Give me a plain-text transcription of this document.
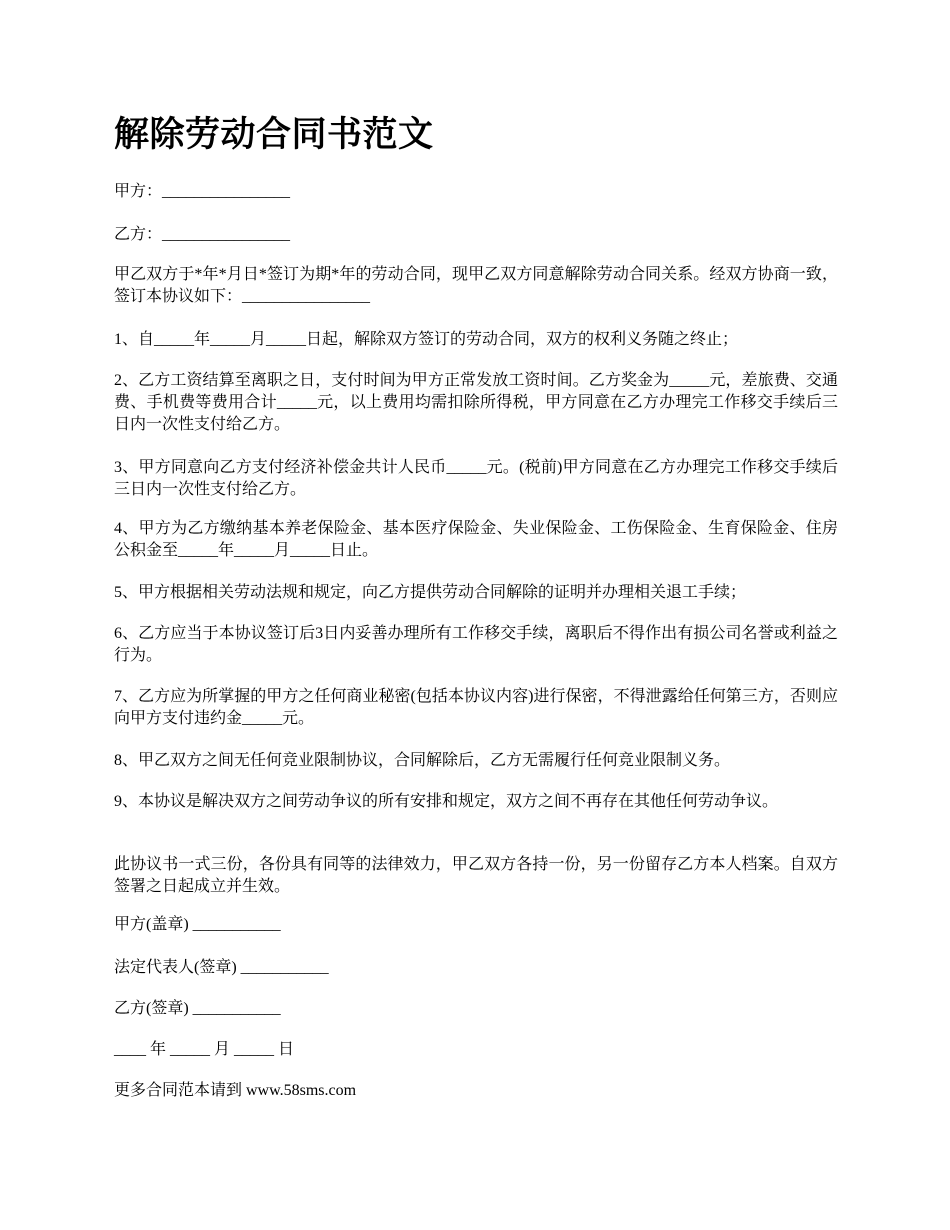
解除劳动合同书范文

甲方：________________

乙方：________________

甲乙双方于*年*月日*签订为期*年的劳动合同，现甲乙双方同意解除劳动合同关系。经双方协商一致，签订本协议如下：________________

1、自_____年_____月_____日起，解除双方签订的劳动合同，双方的权利义务随之终止；

2、乙方工资结算至离职之日，支付时间为甲方正常发放工资时间。乙方奖金为_____元，差旅费、交通费、手机费等费用合计_____元，以上费用均需扣除所得税，甲方同意在乙方办理完工作移交手续后三日内一次性支付给乙方。

3、甲方同意向乙方支付经济补偿金共计人民币_____元。(税前)甲方同意在乙方办理完工作移交手续后三日内一次性支付给乙方。

4、甲方为乙方缴纳基本养老保险金、基本医疗保险金、失业保险金、工伤保险金、生育保险金、住房公积金至_____年_____月_____日止。

5、甲方根据相关劳动法规和规定，向乙方提供劳动合同解除的证明并办理相关退工手续；

6、乙方应当于本协议签订后3日内妥善办理所有工作移交手续，离职后不得作出有损公司名誉或利益之行为。

7、乙方应为所掌握的甲方之任何商业秘密(包括本协议内容)进行保密，不得泄露给任何第三方，否则应向甲方支付违约金_____元。

8、甲乙双方之间无任何竞业限制协议，合同解除后，乙方无需履行任何竞业限制义务。

9、本协议是解决双方之间劳动争议的所有安排和规定，双方之间不再存在其他任何劳动争议。

此协议书一式三份，各份具有同等的法律效力，甲乙双方各持一份，另一份留存乙方本人档案。自双方签署之日起成立并生效。

甲方(盖章) ___________

法定代表人(签章) ___________

乙方(签章) ___________

____ 年 _____ 月 _____ 日

更多合同范本请到 www.58sms.com
